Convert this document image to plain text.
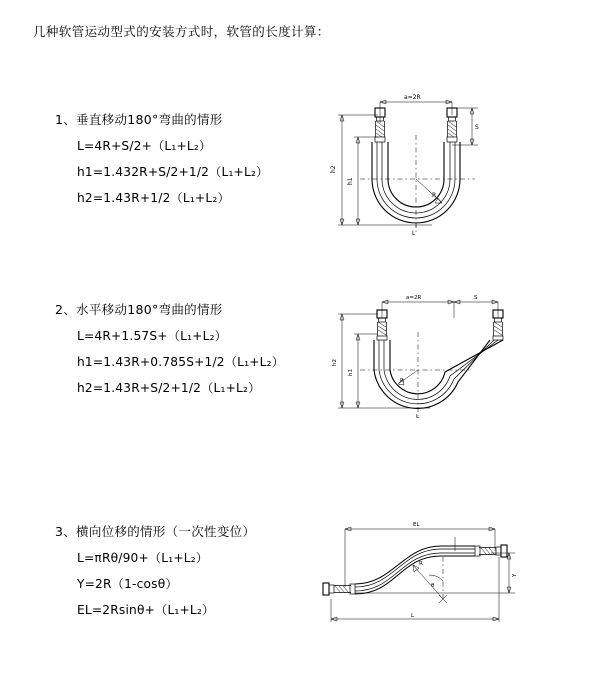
几种软管运动型式的安装方式时，软管的长度计算：
1、垂直移动180°弯曲的情形
L=4R+S/2+（L₁+L₂）
h1=1.432R+S/2+1/2（L₁+L₂）
h2=1.43R+1/2（L₁+L₂）
a=2R
S
h2
h1
R
L
2、水平移动180°弯曲的情形
L=4R+1.57S+（L₁+L₂）
h1=1.43R+0.785S+1/2（L₁+L₂）
h2=1.43R+S/2+1/2（L₁+L₂）
a=2R	S
h2
h1
R
L
3、横向位移的情形（一次性变位）
L=πRθ/90+（L₁+L₂）
Y=2R（1-cosθ）
EL=2Rsinθ+（L₁+L₂）
EL
Y
L
R
θ
